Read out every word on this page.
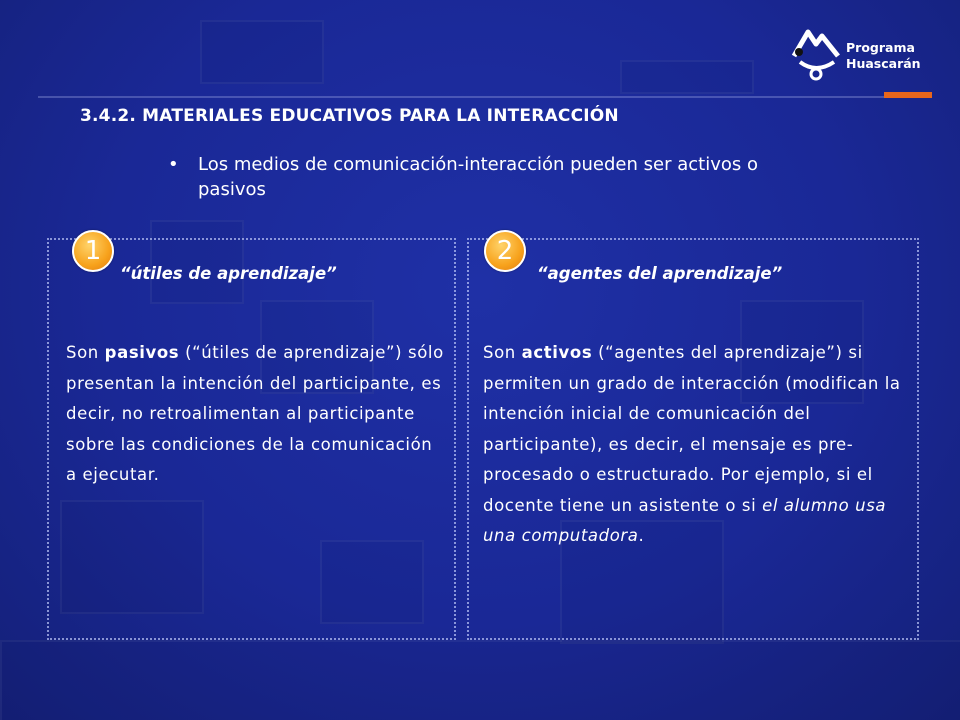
Programa
Huascarán
3.4.2. MATERIALES EDUCATIVOS PARA LA INTERACCIÓN
•	Los medios de comunicación-interacción pueden ser activos o pasivos
1	2
“útiles de aprendizaje”	“agentes del aprendizaje”
Son pasivos (“útiles de aprendizaje”) sólo presentan la intención del participante, es decir, no retroalimentan al participante sobre las condiciones de la comunicación a ejecutar.
Son activos (“agentes del aprendizaje”) si permiten un grado de interacción (modifican la intención inicial de comunicación del participante), es decir, el mensaje es pre-procesado o estructurado. Por ejemplo, si el docente tiene un asistente o si el alumno usa una computadora.
